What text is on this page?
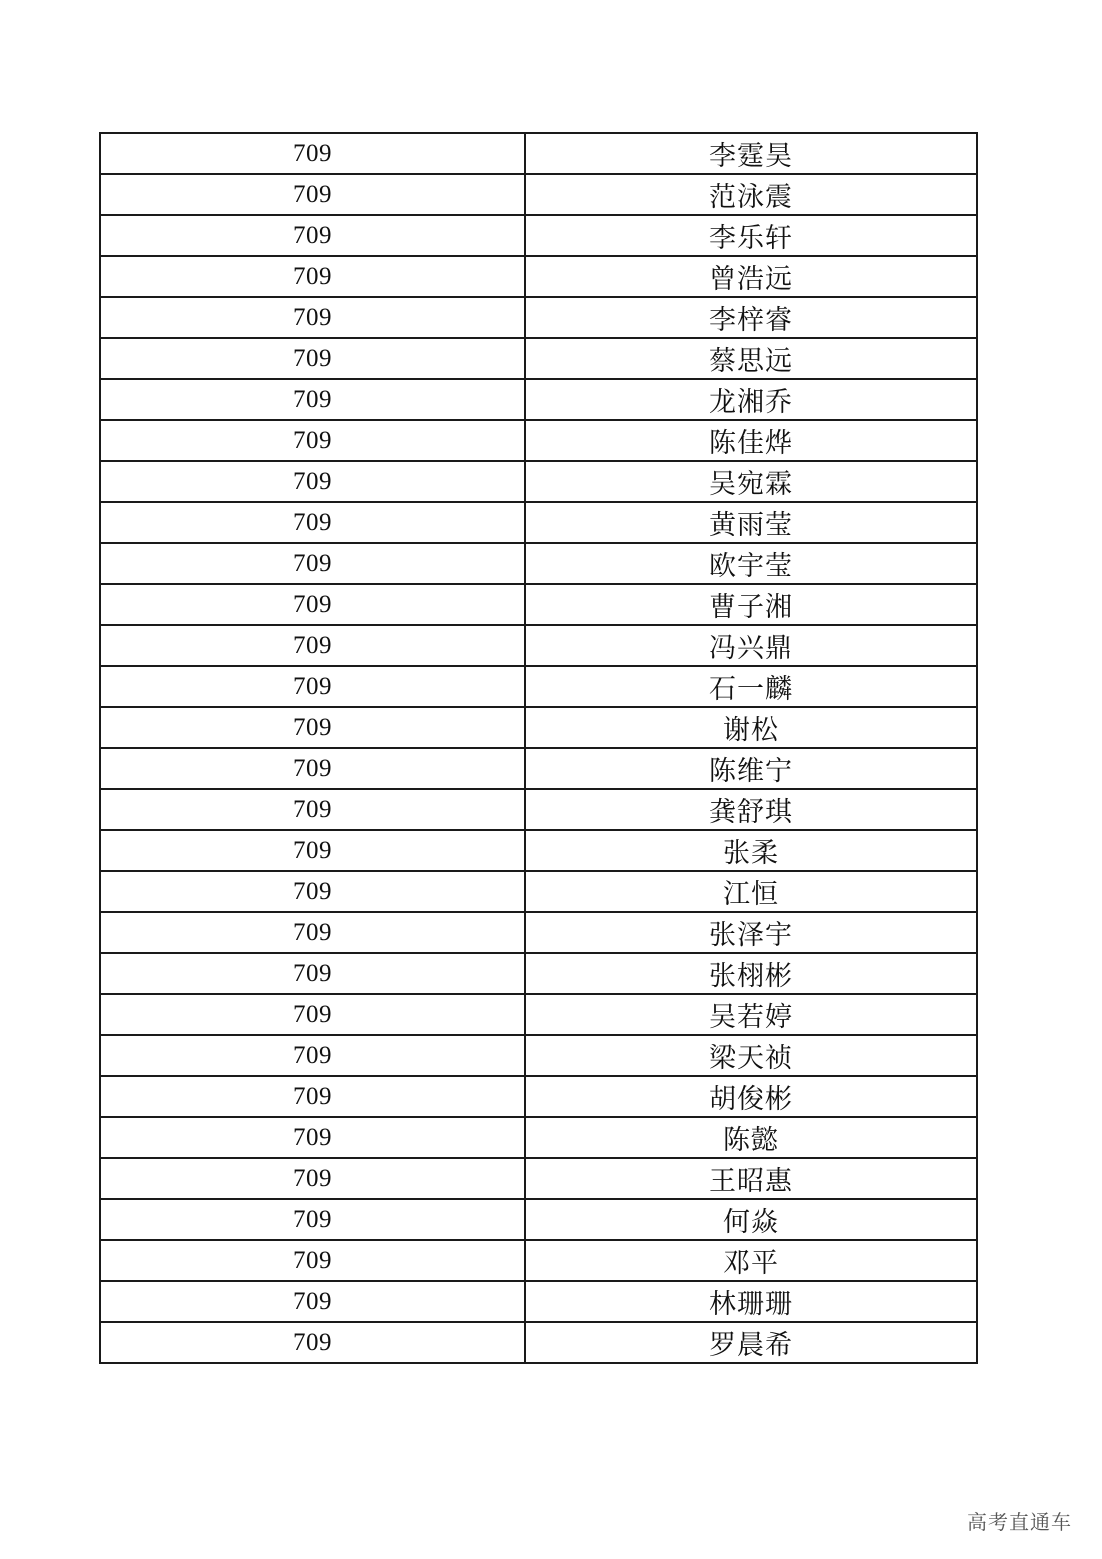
709	李霆昊
709	范泳震
709	李乐轩
709	曾浩远
709	李梓睿
709	蔡思远
709	龙湘乔
709	陈佳烨
709	吴宛霖
709	黄雨莹
709	欧宇莹
709	曹子湘
709	冯兴鼎
709	石一麟
709	谢松
709	陈维宁
709	龚舒琪
709	张柔
709	江恒
709	张泽宇
709	张栩彬
709	吴若婷
709	梁天祯
709	胡俊彬
709	陈懿
709	王昭惠
709	何焱
709	邓平
709	林珊珊
709	罗晨希
高考直通车
